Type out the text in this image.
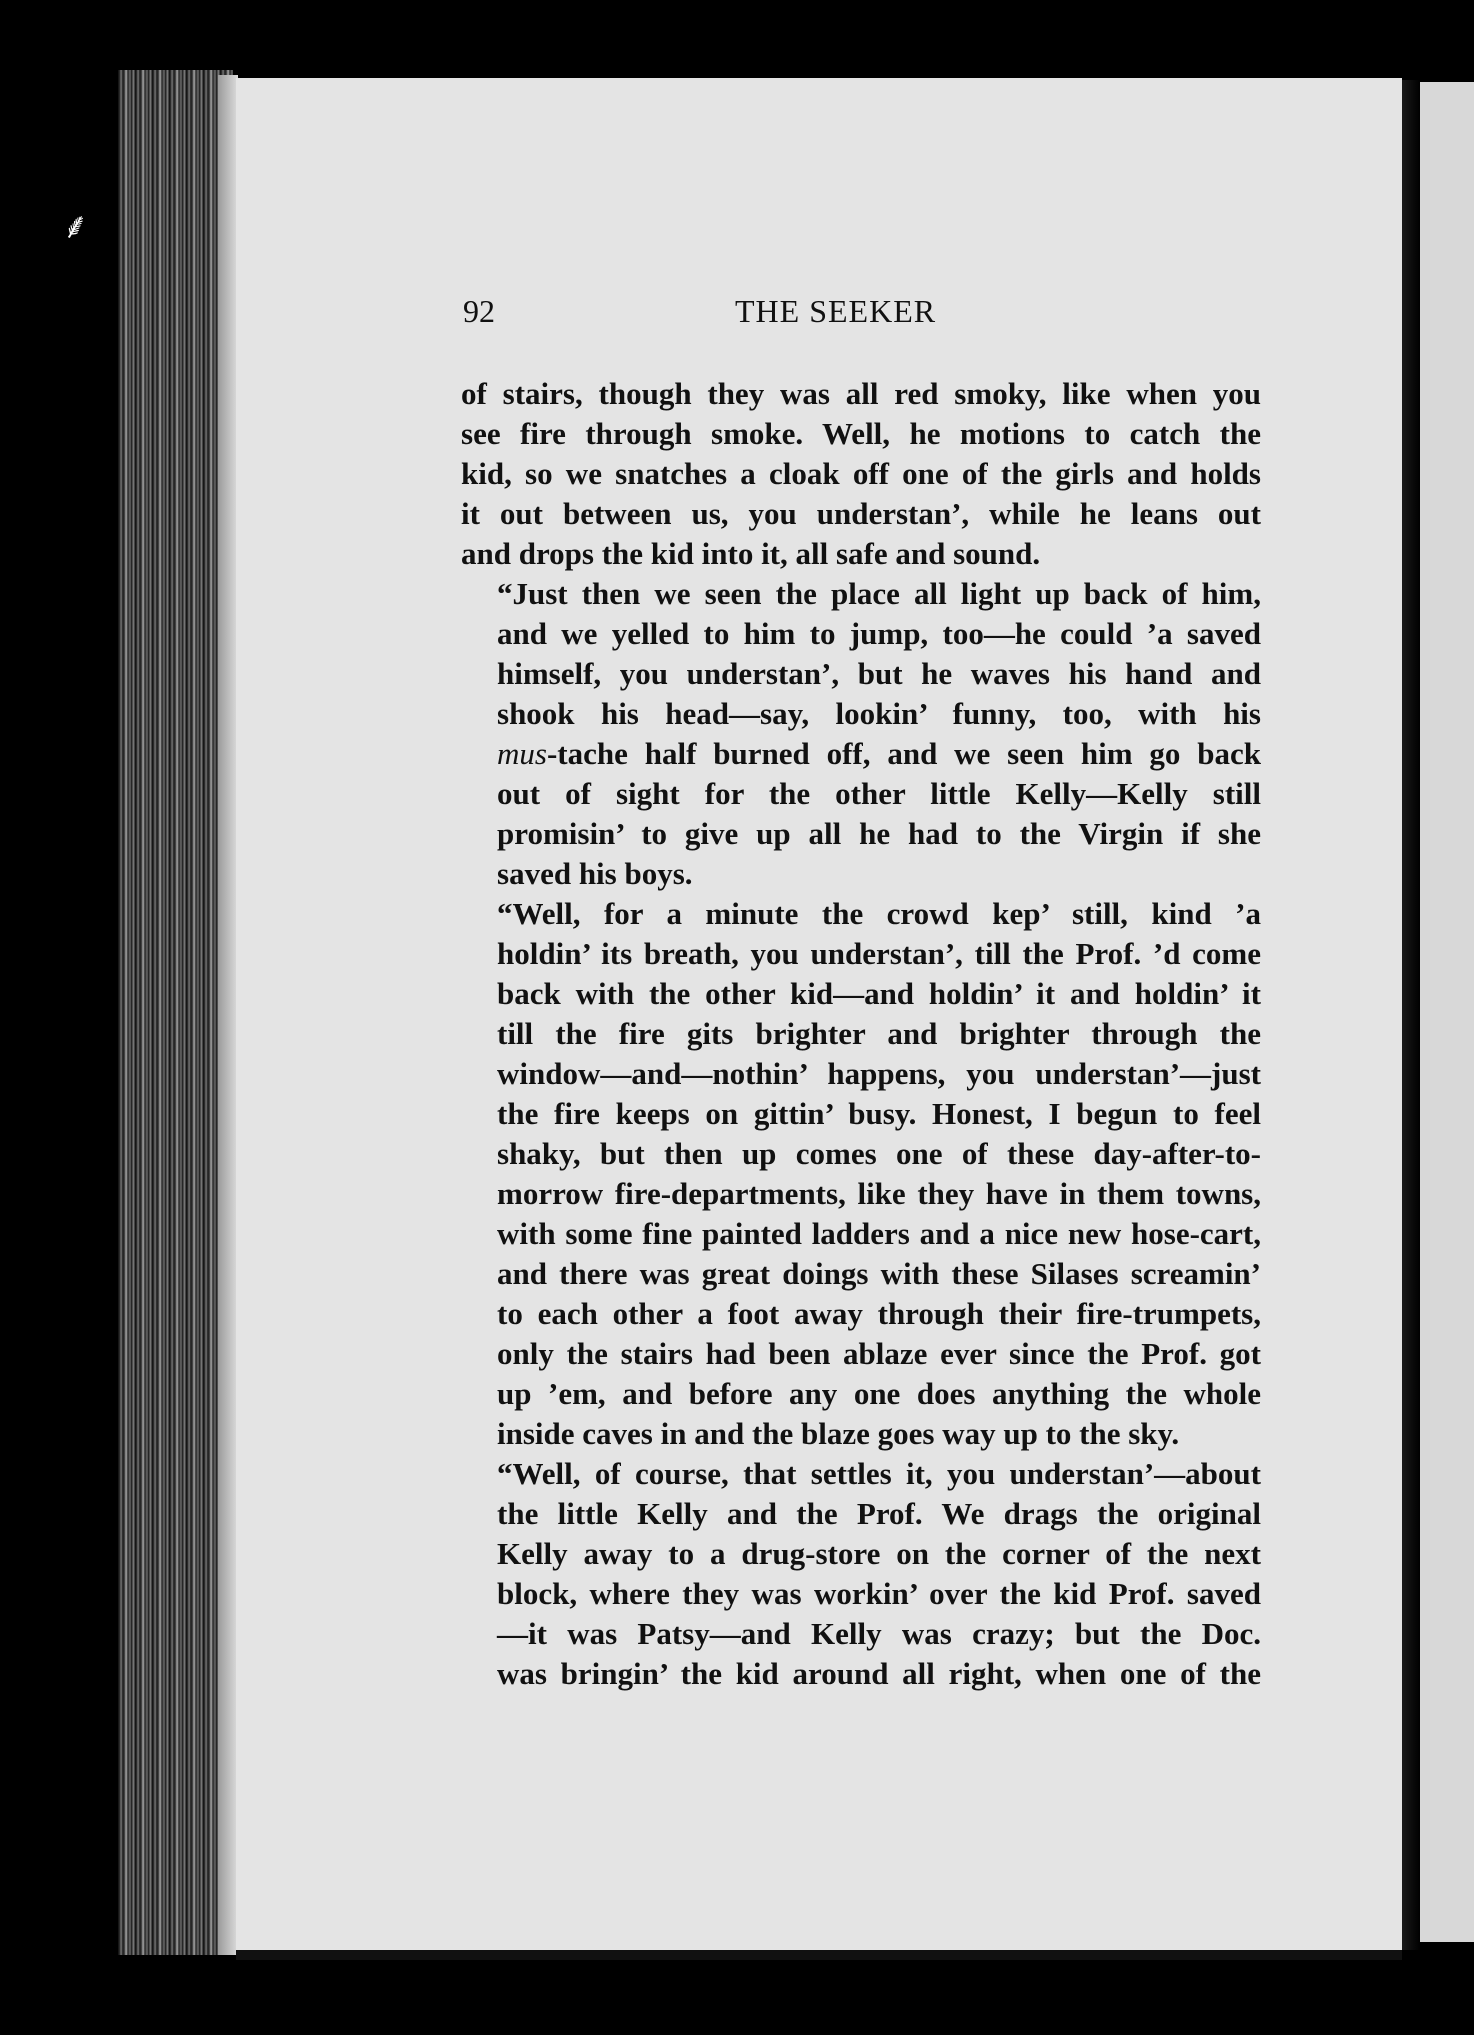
⸙
92	THE SEEKER

of stairs, though they was all red smoky, like when you
see fire through smoke. Well, he motions to catch the
kid, so we snatches a cloak off one of the girls and holds
it out between us, you understan’, while he leans out
and drops the kid into it, all safe and sound.

“Just then we seen the place all light up back of him,
and we yelled to him to jump, too—he could ’a saved
himself, you understan’, but he waves his hand and
shook his head—say, lookin’ funny, too, with his
mus-tache half burned off, and we seen him go back
out of sight for the other little Kelly—Kelly still
promisin’ to give up all he had to the Virgin if she
saved his boys.

“Well, for a minute the crowd kep’ still, kind ’a
holdin’ its breath, you understan’, till the Prof. ’d come
back with the other kid—and holdin’ it and holdin’ it
till the fire gits brighter and brighter through the
window—and—nothin’ happens, you understan’—just
the fire keeps on gittin’ busy. Honest, I begun to feel
shaky, but then up comes one of these day-after-to-
morrow fire-departments, like they have in them towns,
with some fine painted ladders and a nice new hose-cart,
and there was great doings with these Silases screamin’
to each other a foot away through their fire-trumpets,
only the stairs had been ablaze ever since the Prof. got
up ’em, and before any one does anything the whole
inside caves in and the blaze goes way up to the sky.

“Well, of course, that settles it, you understan’—about
the little Kelly and the Prof. We drags the original
Kelly away to a drug-store on the corner of the next
block, where they was workin’ over the kid Prof. saved
—it was Patsy—and Kelly was crazy; but the Doc.
was bringin’ the kid around all right, when one of the
